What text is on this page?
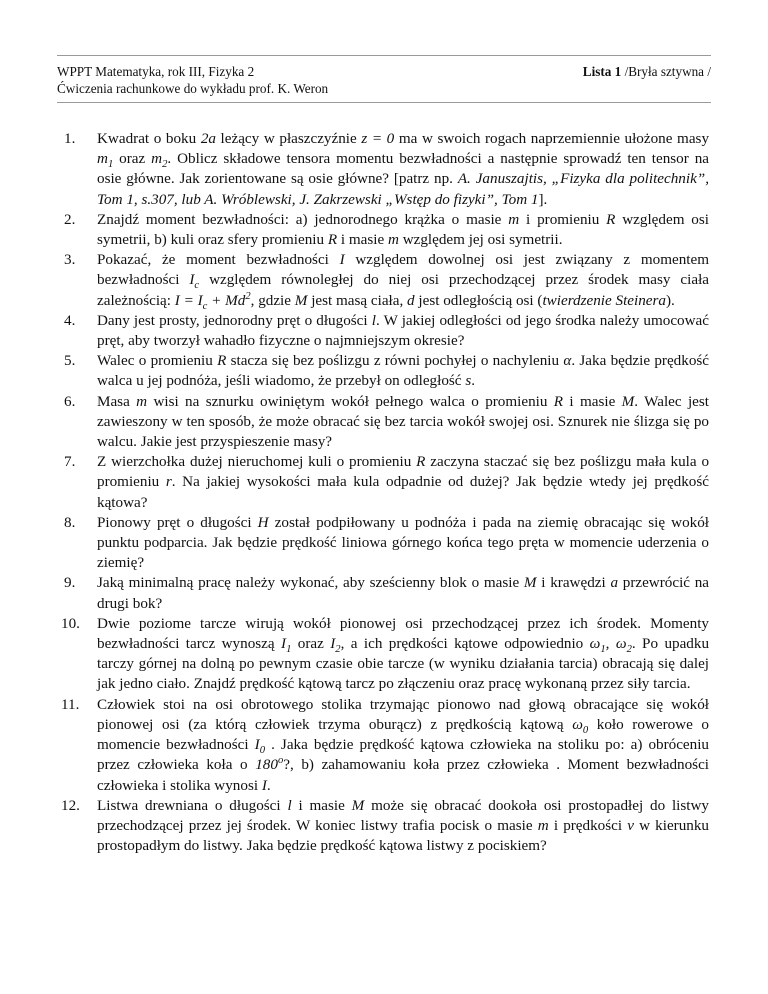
WPPT Matematyka, rok III, Fizyka 2
Ćwiczenia rachunkowe do wykładu prof. K. Weron
Lista 1 /Bryła sztywna /
1.	Kwadrat o boku 2a leżący w płaszczyźnie z = 0 ma w swoich rogach naprzemiennie ułożone masy $m_1$ oraz $m_2$. Oblicz składowe tensora momentu bezwładności a następnie sprowadź ten tensor na osie główne. Jak zorientowane są osie główne? [patrz np. A. Januszajtis, „Fizyka dla politechnik”, Tom 1, s.307, lub A. Wróblewski, J. Zakrzewski „Wstęp do fizyki”, Tom 1].
2.	Znajdź moment bezwładności: a) jednorodnego krążka o masie m i promieniu R względem osi symetrii, b) kuli oraz sfery promieniu R i masie m względem jej osi symetrii.
3.	Pokazać, że moment bezwładności I względem dowolnej osi jest związany z momentem bezwładności $I_c$ względem równoległej do niej osi przechodzącej przez środek masy ciała zależnością: $I = I_c + Md^2$, gdzie M jest masą ciała, d jest odległością osi (twierdzenie Steinera).
4.	Dany jest prosty, jednorodny pręt o długości l. W jakiej odległości od jego środka należy umocować pręt, aby tworzył wahadło fizyczne o najmniejszym okresie?
5.	Walec o promieniu R stacza się bez poślizgu z równi pochyłej o nachyleniu α. Jaka będzie prędkość walca u jej podnóża, jeśli wiadomo, że przebył on odległość s.
6.	Masa m wisi na sznurku owiniętym wokół pełnego walca o promieniu R i masie M. Walec jest zawieszony w ten sposób, że może obracać się bez tarcia wokół swojej osi. Sznurek nie ślizga się po walcu. Jakie jest przyspieszenie masy?
7.	Z wierzchołka dużej nieruchomej kuli o promieniu R zaczyna staczać się bez poślizgu mała kula o promieniu r. Na jakiej wysokości mała kula odpadnie od dużej? Jak będzie wtedy jej prędkość kątowa?
8.	Pionowy pręt o długości H został podpiłowany u podnóża i pada na ziemię obracając się wokół punktu podparcia. Jak będzie prędkość liniowa górnego końca tego pręta w momencie uderzenia o ziemię?
9.	Jaką minimalną pracę należy wykonać, aby sześcienny blok o masie M i krawędzi a przewrócić na drugi bok?
10.	Dwie poziome tarcze wirują wokół pionowej osi przechodzącej przez ich środek. Momenty bezwładności tarcz wynoszą $I_1$ oraz $I_2$, a ich prędkości kątowe odpowiednio $\omega_1$, $\omega_2$. Po upadku tarczy górnej na dolną po pewnym czasie obie tarcze (w wyniku działania tarcia) obracają się dalej jak jedno ciało. Znajdź prędkość kątową tarcz po złączeniu oraz pracę wykonaną przez siły tarcia.
11.	Człowiek stoi na osi obrotowego stolika trzymając pionowo nad głową obracające się wokół pionowej osi (za którą człowiek trzyma oburącz) z prędkością kątową $\omega_0$ koło rowerowe o momencie bezwładności $I_0$ . Jaka będzie prędkość kątowa człowieka na stoliku po: a) obróceniu przez człowieka koła o 180$^o$?, b) zahamowaniu koła przez człowieka . Moment bezwładności człowieka i stolika wynosi I.
12.	Listwa drewniana o długości l i masie M może się obracać dookoła osi prostopadłej do listwy przechodzącej przez jej środek. W koniec listwy trafia pocisk o masie m i prędkości v w kierunku prostopadłym do listwy. Jaka będzie prędkość kątowa listwy z pociskiem?
